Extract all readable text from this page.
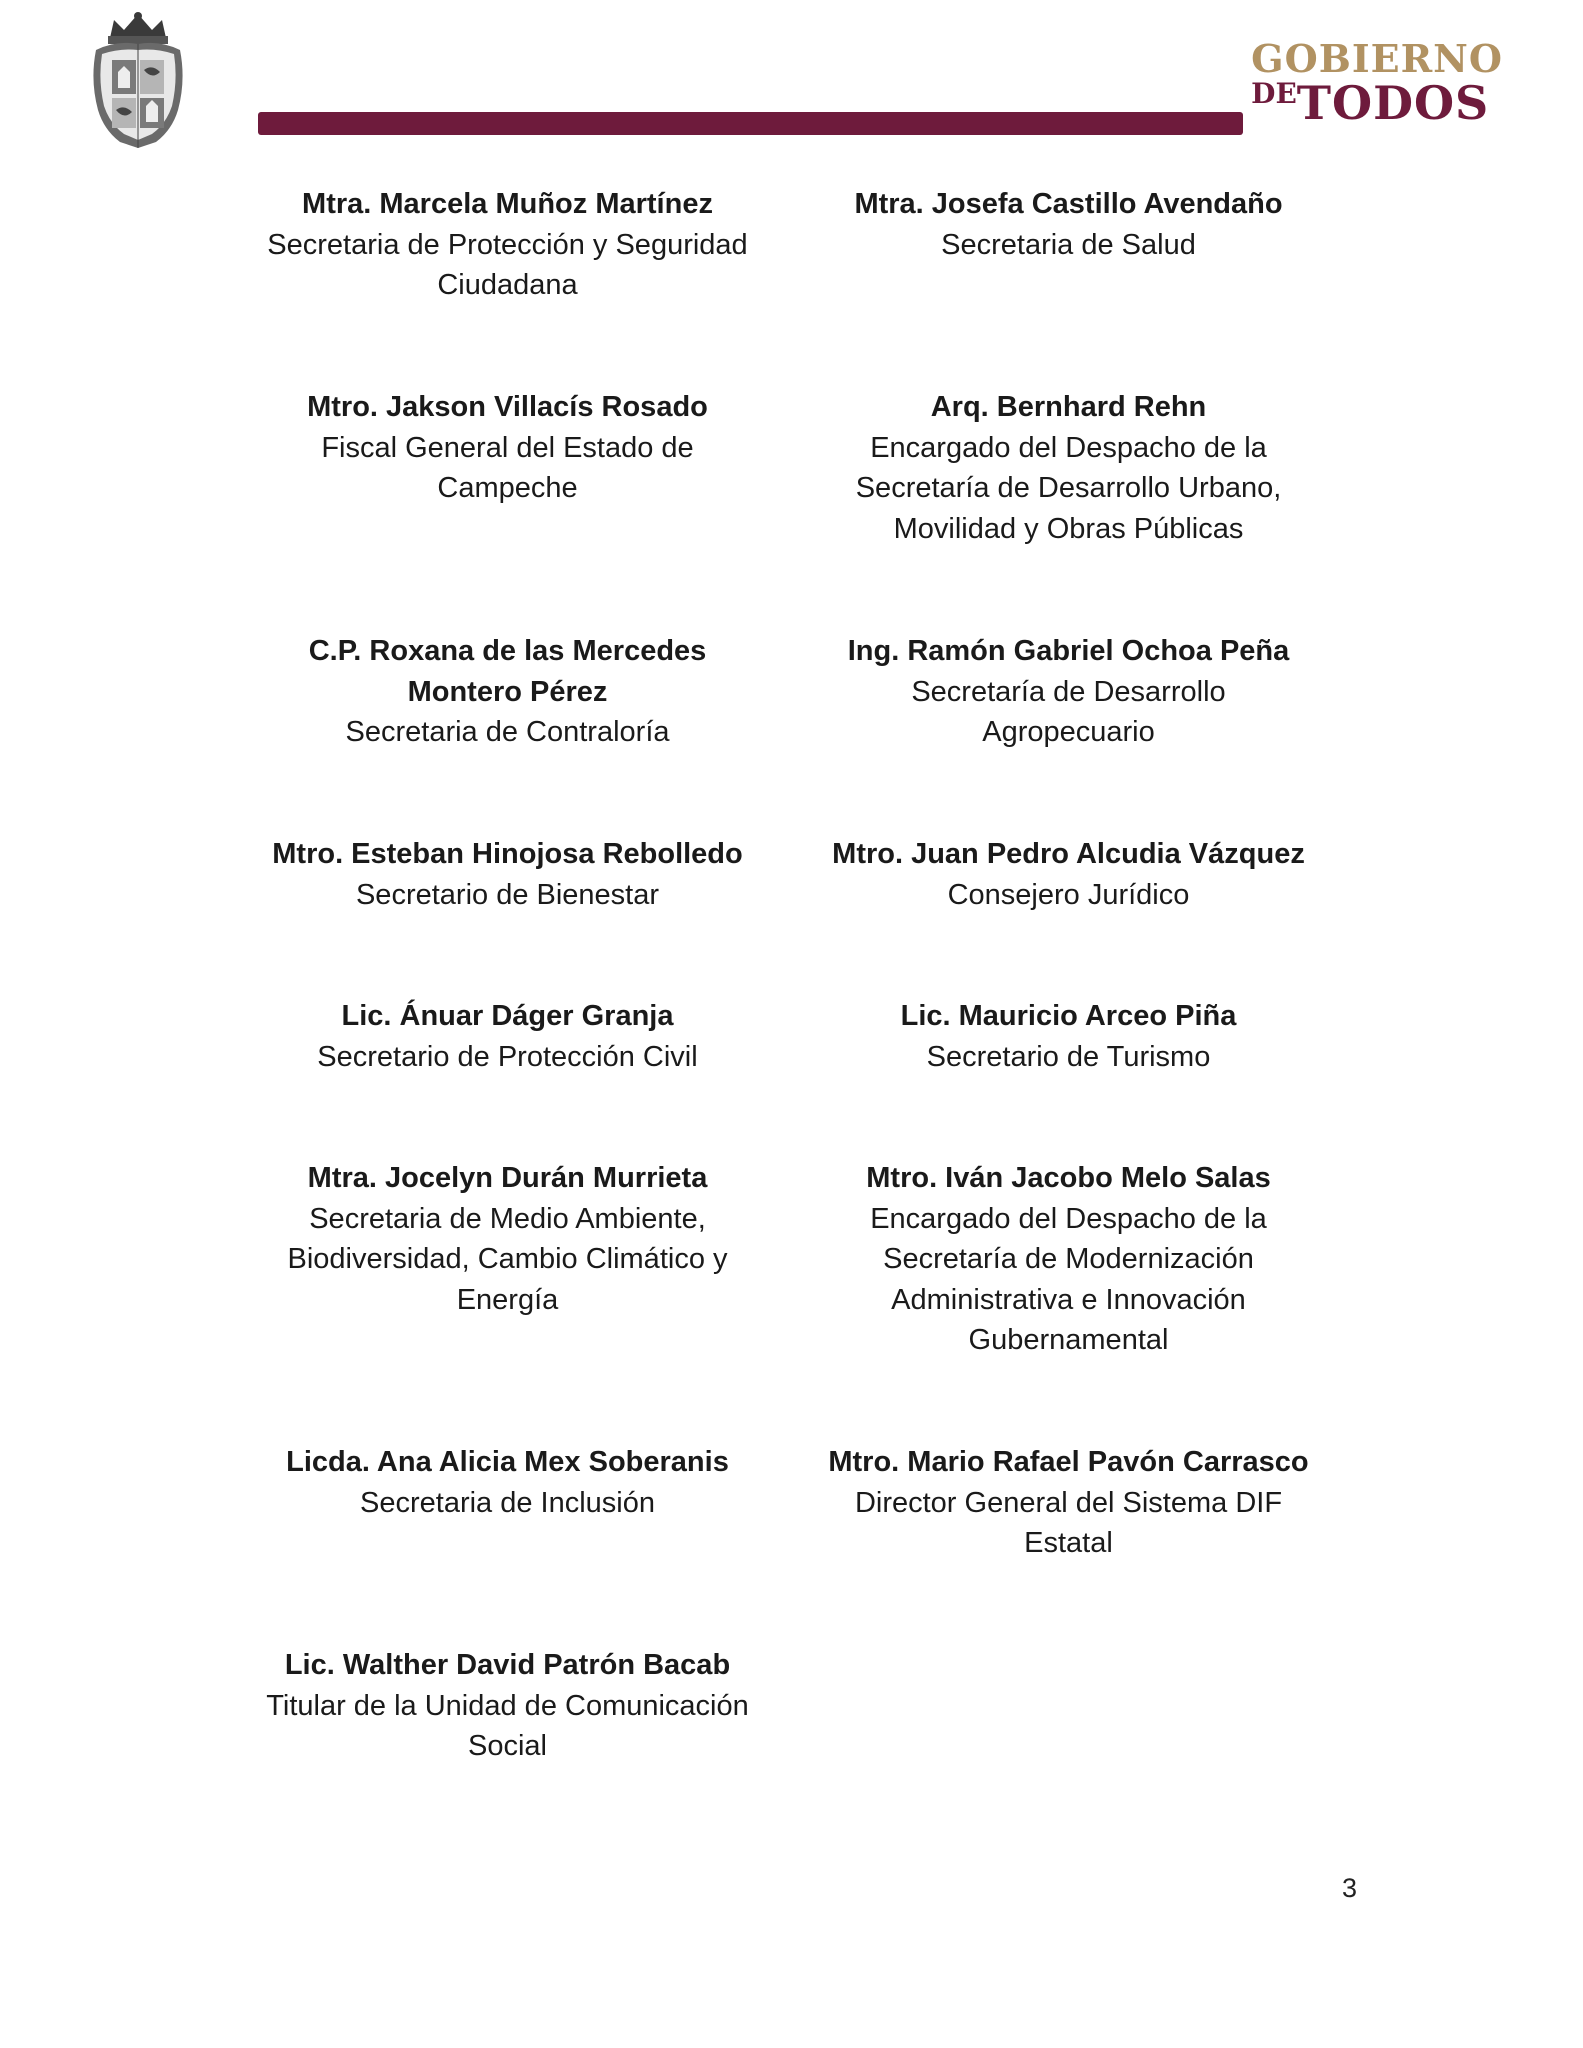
GOBIERNO
DETODOS
Mtra. Marcela Muñoz Martínez
Secretaria de Protección y Seguridad Ciudadana
Mtra. Josefa Castillo Avendaño
Secretaria de Salud
Mtro. Jakson Villacís Rosado
Fiscal General del Estado de Campeche
Arq. Bernhard Rehn
Encargado del Despacho de la Secretaría de Desarrollo Urbano, Movilidad y Obras Públicas
C.P. Roxana de las Mercedes Montero Pérez
Secretaria de Contraloría
Ing. Ramón Gabriel Ochoa Peña
Secretaría de Desarrollo Agropecuario
Mtro. Esteban Hinojosa Rebolledo
Secretario de Bienestar
Mtro. Juan Pedro Alcudia Vázquez
Consejero Jurídico
Lic. Ánuar Dáger Granja
Secretario de Protección Civil
Lic. Mauricio Arceo Piña
Secretario de Turismo
Mtra. Jocelyn Durán Murrieta
Secretaria de Medio Ambiente, Biodiversidad, Cambio Climático y Energía
Mtro. Iván Jacobo Melo Salas
Encargado del Despacho de la Secretaría de Modernización Administrativa e Innovación Gubernamental
Licda. Ana Alicia Mex Soberanis
Secretaria de Inclusión
Mtro. Mario Rafael Pavón Carrasco
Director General del Sistema DIF Estatal
Lic. Walther David Patrón Bacab
Titular de la Unidad de Comunicación Social
3
